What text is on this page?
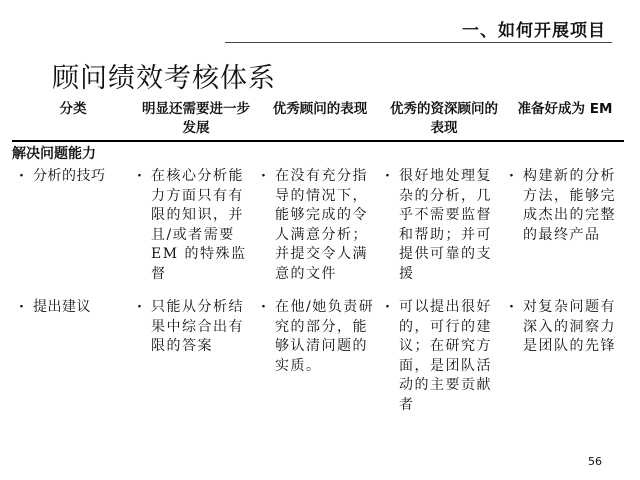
一、如何开展项目
顾问绩效考核体系
分类	明显还需要进一步发展	优秀顾问的表现	优秀的资深顾问的表现	准备好成为 EM
解决问题能力				

· 分析的技巧	· 在核心分析能力方面只有有限的知识，并且/或者需要 EM 的特殊监督	· 在没有充分指导的情况下，能够完成的令人满意分析；并提交令人满意的文件	· 很好地处理复杂的分析，几乎不需要监督和帮助；并可提供可靠的支援	· 构建新的分析方法，能够完成杰出的完整的最终产品

· 提出建议	· 只能从分析结果中综合出有限的答案	· 在他/她负责研究的部分，能够认清问题的实质。	· 可以提出很好的，可行的建议；在研究方面，是团队活动的主要贡献者	· 对复杂问题有深入的洞察力是团队的先锋
56
